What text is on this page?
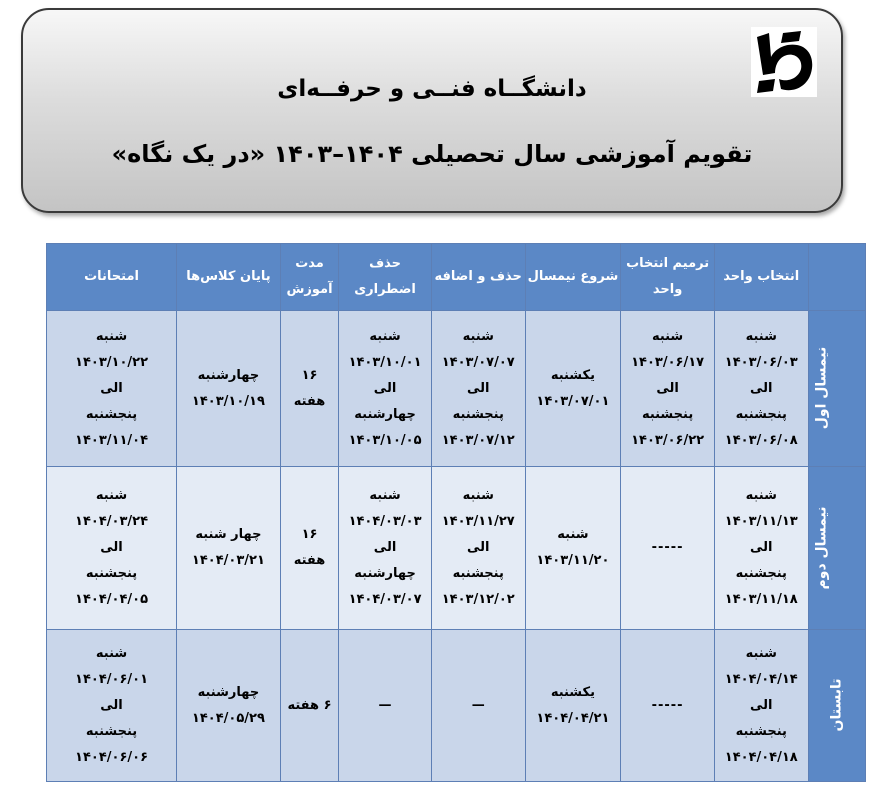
دانشگــاه فنــی و حرفــه‌ای
تقویم آموزشی سال تحصیلی ۱۴۰۴–۱۴۰۳ «در یک نگاه»
	انتخاب واحد	ترمیم انتخاب واحد	شروع نیمسال	حذف و اضافه	حذف اضطراری	مدت آموزش	پایان کلاس‌ها	امتحانات
نیمسال اول	شنبه
۱۴۰۳/۰۶/۰۳
الی
پنجشنبه
۱۴۰۳/۰۶/۰۸	شنبه
۱۴۰۳/۰۶/۱۷
الی
پنجشنبه
۱۴۰۳/۰۶/۲۲	یکشنبه
۱۴۰۳/۰۷/۰۱	شنبه
۱۴۰۳/۰۷/۰۷
الی
پنجشنبه
۱۴۰۳/۰۷/۱۲	شنبه
۱۴۰۳/۱۰/۰۱
الی
چهارشنبه
۱۴۰۳/۱۰/۰۵	۱۶
هفته	چهارشنبه
۱۴۰۳/۱۰/۱۹	شنبه
۱۴۰۳/۱۰/۲۲
الی
پنجشنبه
۱۴۰۳/۱۱/۰۴
نیمسال دوم	شنبه
۱۴۰۳/۱۱/۱۳
الی
پنجشنبه
۱۴۰۳/۱۱/۱۸	-----	شنبه
۱۴۰۳/۱۱/۲۰	شنبه
۱۴۰۳/۱۱/۲۷
الی
پنجشنبه
۱۴۰۳/۱۲/۰۲	شنبه
۱۴۰۴/۰۳/۰۳
الی
چهارشنبه
۱۴۰۴/۰۳/۰۷	۱۶
هفته	چهار شنبه
۱۴۰۴/۰۳/۲۱	شنبه
۱۴۰۴/۰۳/۲۴
الی
پنجشنبه
۱۴۰۴/۰۴/۰۵
تابستان	شنبه
۱۴۰۴/۰۴/۱۴
الی
پنجشنبه
۱۴۰۴/۰۴/۱۸	-----	یکشنبه
۱۴۰۴/۰۴/۲۱	—	—	۶ هفته	چهارشنبه
۱۴۰۴/۰۵/۲۹	شنبه
۱۴۰۴/۰۶/۰۱
الی
پنجشنبه
۱۴۰۴/۰۶/۰۶
